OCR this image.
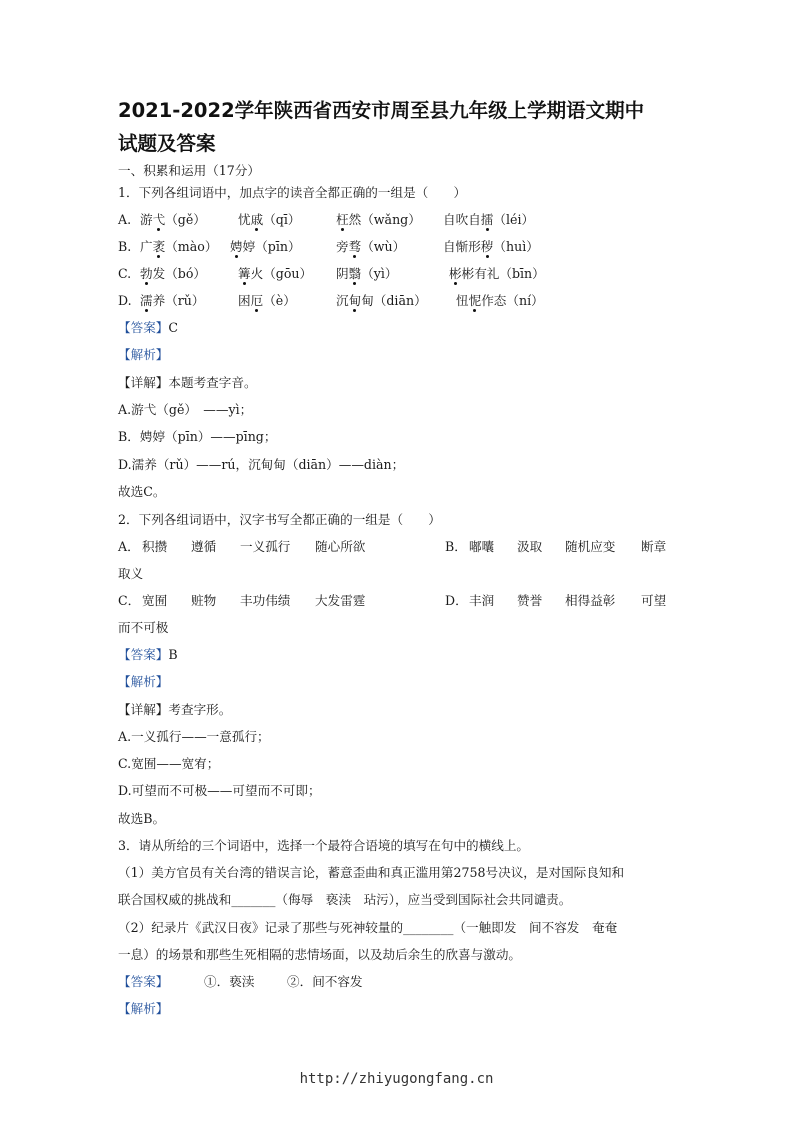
2021-2022学年陕西省西安市周至县九年级上学期语文期中
试题及答案
一、积累和运用（17分）
1．下列各组词语中，加点字的读音全都正确的一组是（　　）
A. 游弋（gě）	忧戚（qī）	枉然（wǎng） 自吹自擂（léi）
B. 广袤（mào） 娉婷（pīn）	旁骛（wù）	自惭形秽（huì）
C. 勃发（bó）	篝火（gōu） 阴翳（yì）	彬彬有礼（bīn）
D. 濡养（rǔ）	困厄（è）	沉甸甸（diān） 忸怩作态（ní）
【答案】C
【解析】
【详解】本题考查字音。
A.游弋（gě）　——yì；
B．娉婷（pīn）——pīng；
D.濡养（rǔ）——rú，沉甸甸（diān）——diàn；
故选C。
2．下列各组词语中，汉字书写全都正确的一组是（　　）
A． 积攒 遵循 一义孤行 随心所欲	B． 嘟囔 汲取 随机应变 断章
取义
C． 宽囿 赃物 丰功伟绩 大发雷霆	D． 丰润 赞誉 相得益彰 可望
而不可极
【答案】B
【解析】
【详解】考查字形。
A.一义孤行——一意孤行；
C.宽囿——宽宥；
D.可望而不可极——可望而不可即；
故选B。
3．请从所给的三个词语中，选择一个最符合语境的填写在句中的横线上。
（1）美方官员有关台湾的错误言论，蓄意歪曲和真正滥用第2758号决议，是对国际良知和
联合国权威的挑战和_______（侮辱　亵渎　玷污），应当受到国际社会共同谴责。
（2）纪录片《武汉日夜》记录了那些与死神较量的________（一触即发　间不容发　奄奄
一息）的场景和那些生死相隔的悲情场面，以及劫后余生的欣喜与激动。
【答案】	①．亵渎	②．间不容发
【解析】
http://zhiyugongfang.cn
